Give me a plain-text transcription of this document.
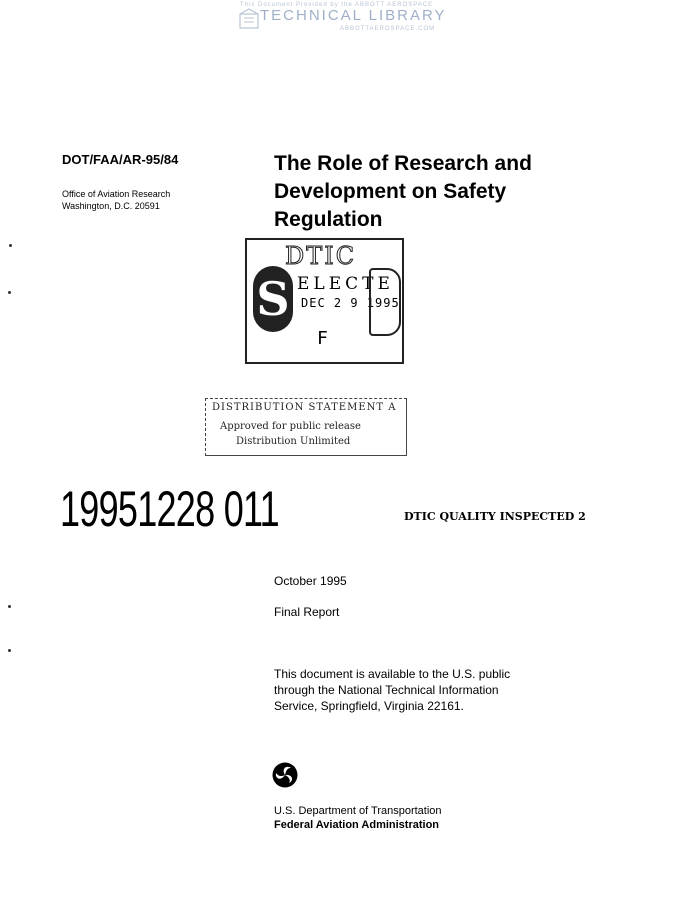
This Document Provided by the ABBOTT AEROSPACE
TECHNICAL LIBRARY
ABBOTTAEROSPACE.COM
DOT/FAA/AR-95/84
Office of Aviation Research
Washington, D.C. 20591
The Role of Research and
Development on Safety
Regulation
DTIC
S ELECTE
DEC 2 9 1995
F
DISTRIBUTION STATEMENT A
Approved for public release
Distribution Unlimited
19951228 011	DTIC QUALITY INSPECTED 2
October 1995
Final Report
This document is available to the U.S. public
through the National Technical Information
Service, Springfield, Virginia 22161.
U.S. Department of Transportation
Federal Aviation Administration
